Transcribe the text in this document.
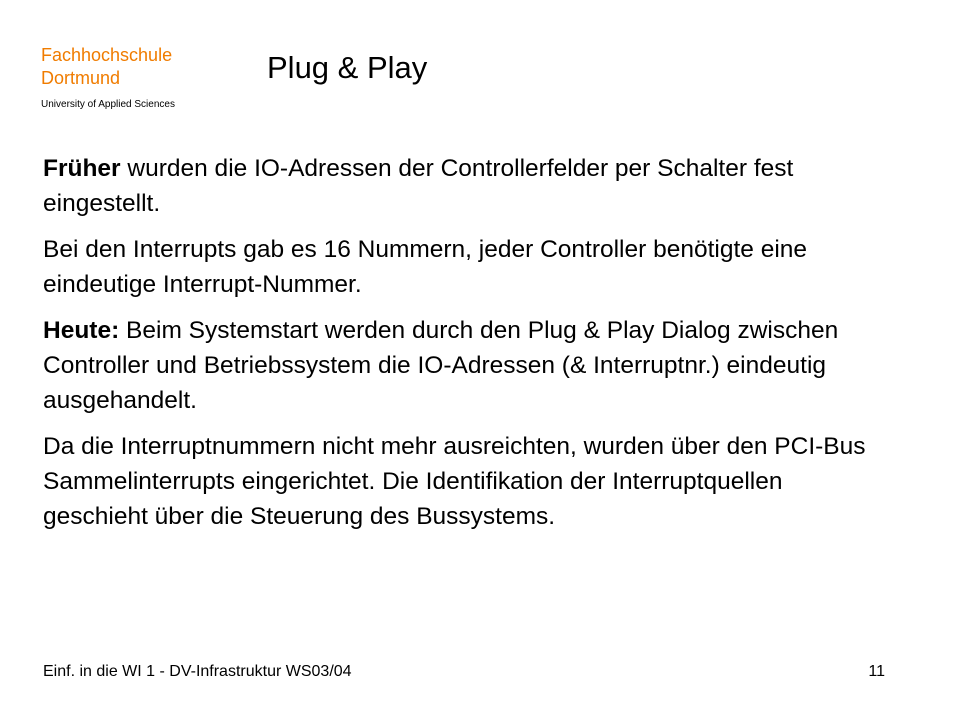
Fachhochschule
Dortmund
University of Applied Sciences
Plug & Play

Früher wurden die IO-Adressen der Controllerfelder per Schalter fest eingestellt.

Bei den Interrupts gab es 16 Nummern, jeder Controller benötigte eine eindeutige Interrupt-Nummer.

Heute: Beim Systemstart werden durch den Plug & Play Dialog zwischen Controller und Betriebssystem die IO-Adressen (& Interruptnr.) eindeutig ausgehandelt.

Da die Interruptnummern nicht mehr ausreichten, wurden über den PCI-Bus Sammelinterrupts eingerichtet. Die Identifikation der Interruptquellen geschieht über die Steuerung des Bussystems.

Einf. in die WI 1 - DV-Infrastruktur WS03/04	11
